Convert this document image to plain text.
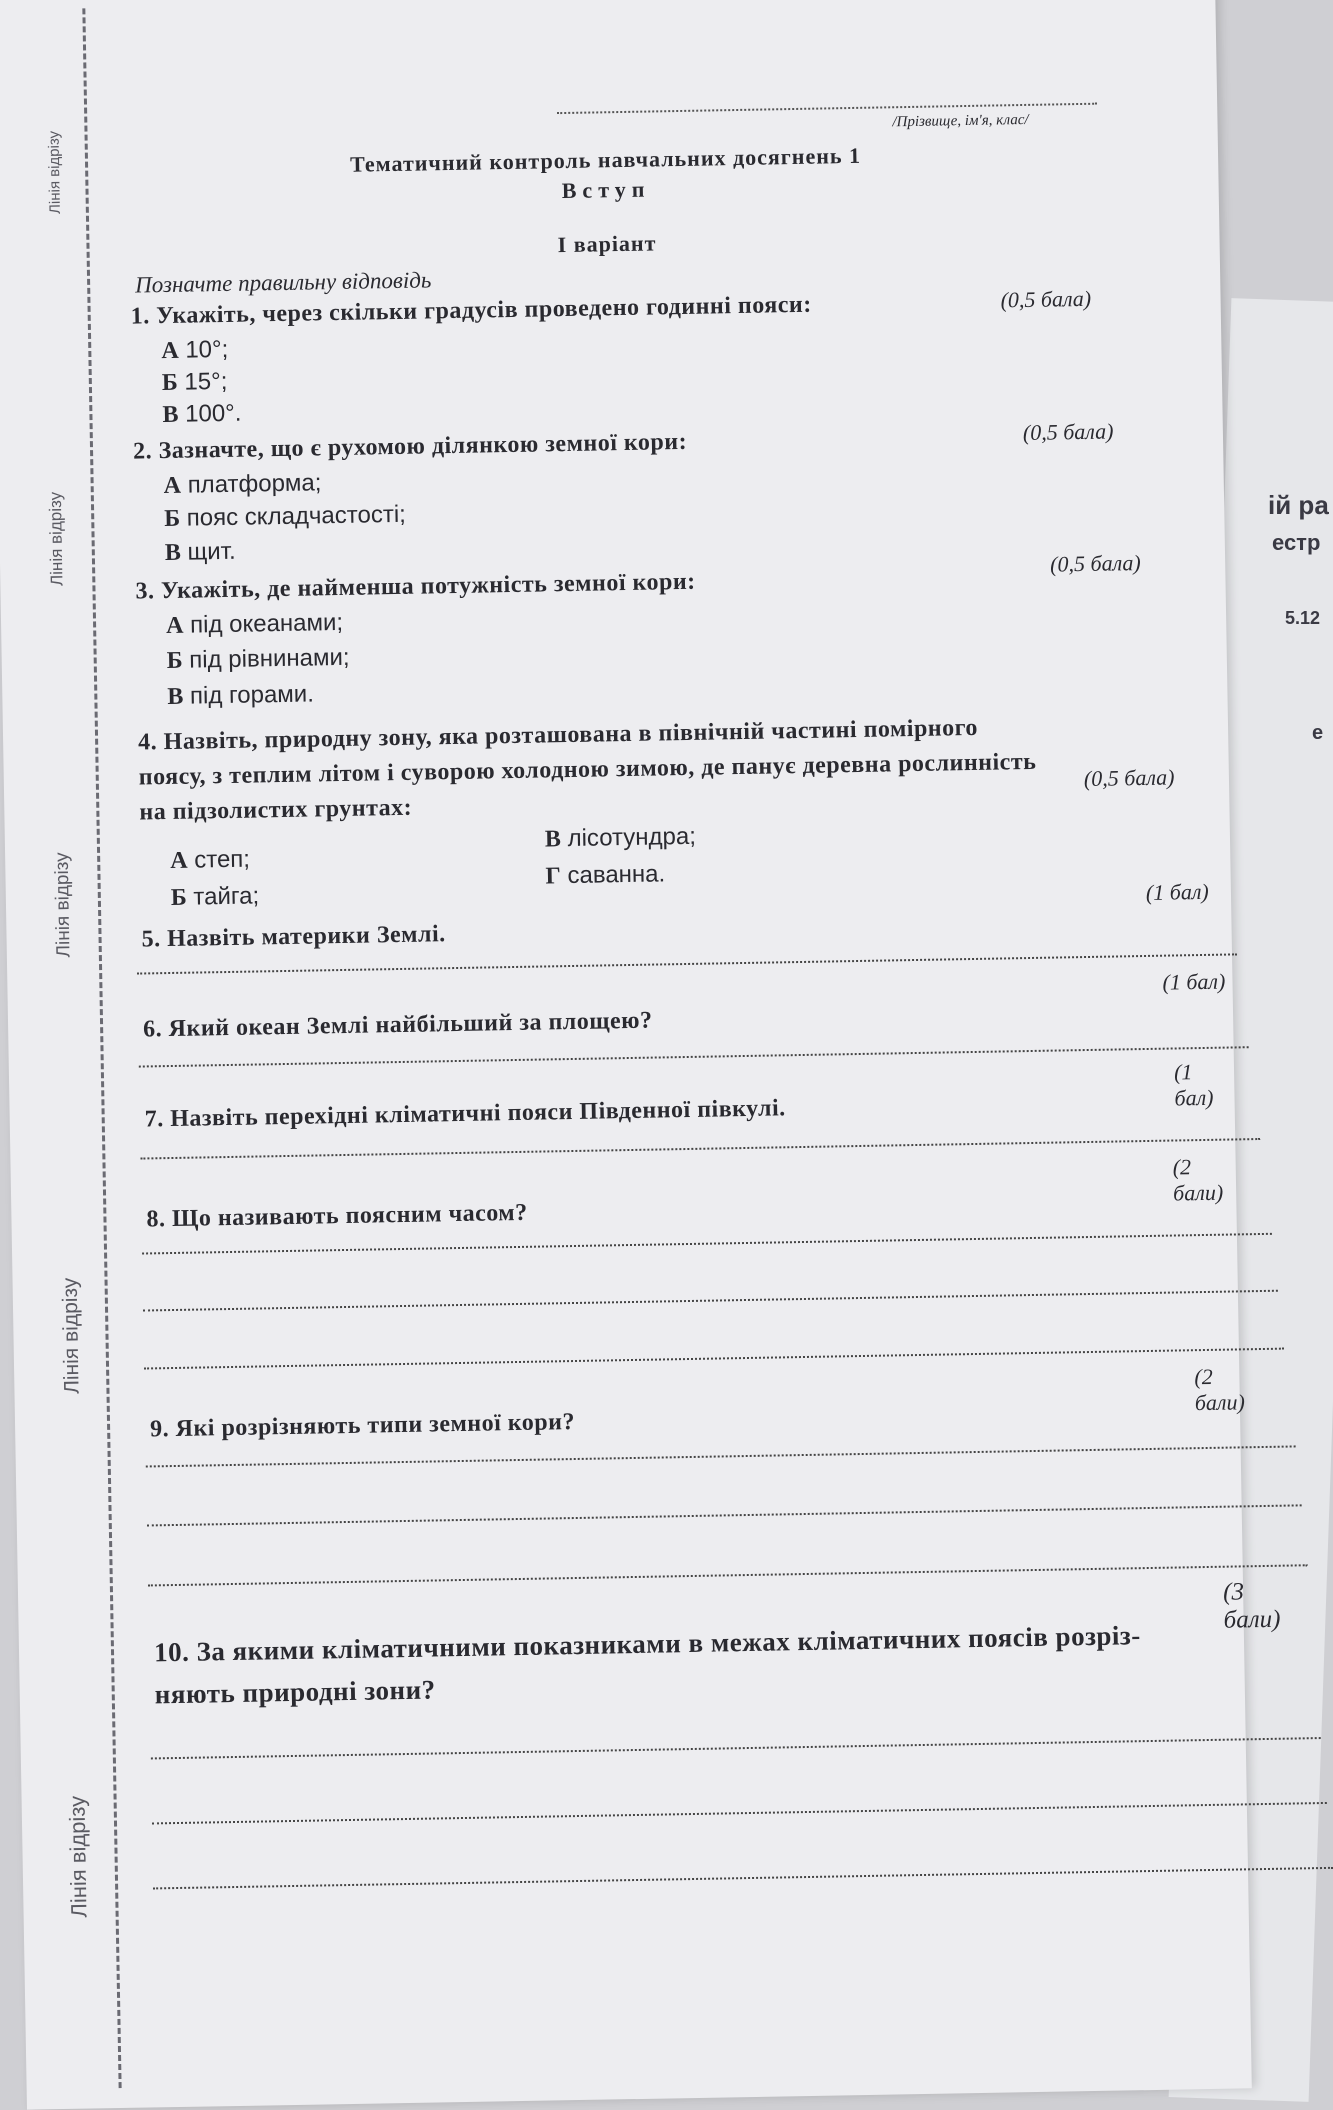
ій ра
естр
5.12
е
Лінія відрізу
Лінія відрізу
Лінія відрізу
Лінія відрізу
Лінія відрізу
/Прізвище, ім'я, клас/
Тематичний контроль навчальних досягнень 1
Вступ
І варіант
Позначте правильну відповідь
1. Укажіть, через скільки градусів проведено годинні пояси:	(0,5 бала)
А 10°;
Б 15°;
В 100°.
2. Зазначте, що є рухомою ділянкою земної кори:	(0,5 бала)
А платформа;
Б пояс складчастості;
В щит.
3. Укажіть, де найменша потужність земної кори:
(0,5 бала)
А під океанами;
Б під рівнинами;
В під горами.
4. Назвіть, природну зону, яка розташована в північній частині помірного
поясу, з теплим літом і суворою холодною зимою, де панує деревна рослинність
на підзолистих грунтах:
(0,5 бала)
А степ;
Б тайга;
В лісотундра;
Г саванна.
(1 бал)
5. Назвіть материки Землі.
(1 бал)
6. Який океан Землі найбільший за площею?
(1 бал)
7. Назвіть перехідні кліматичні пояси Південної півкулі.
(2 бали)
8. Що називають поясним часом?
(2 бали)
9. Які розрізняють типи земної кори?
(3 бали)
10. За якими кліматичними показниками в межах кліматичних поясів розріз-
няють природні зони?
